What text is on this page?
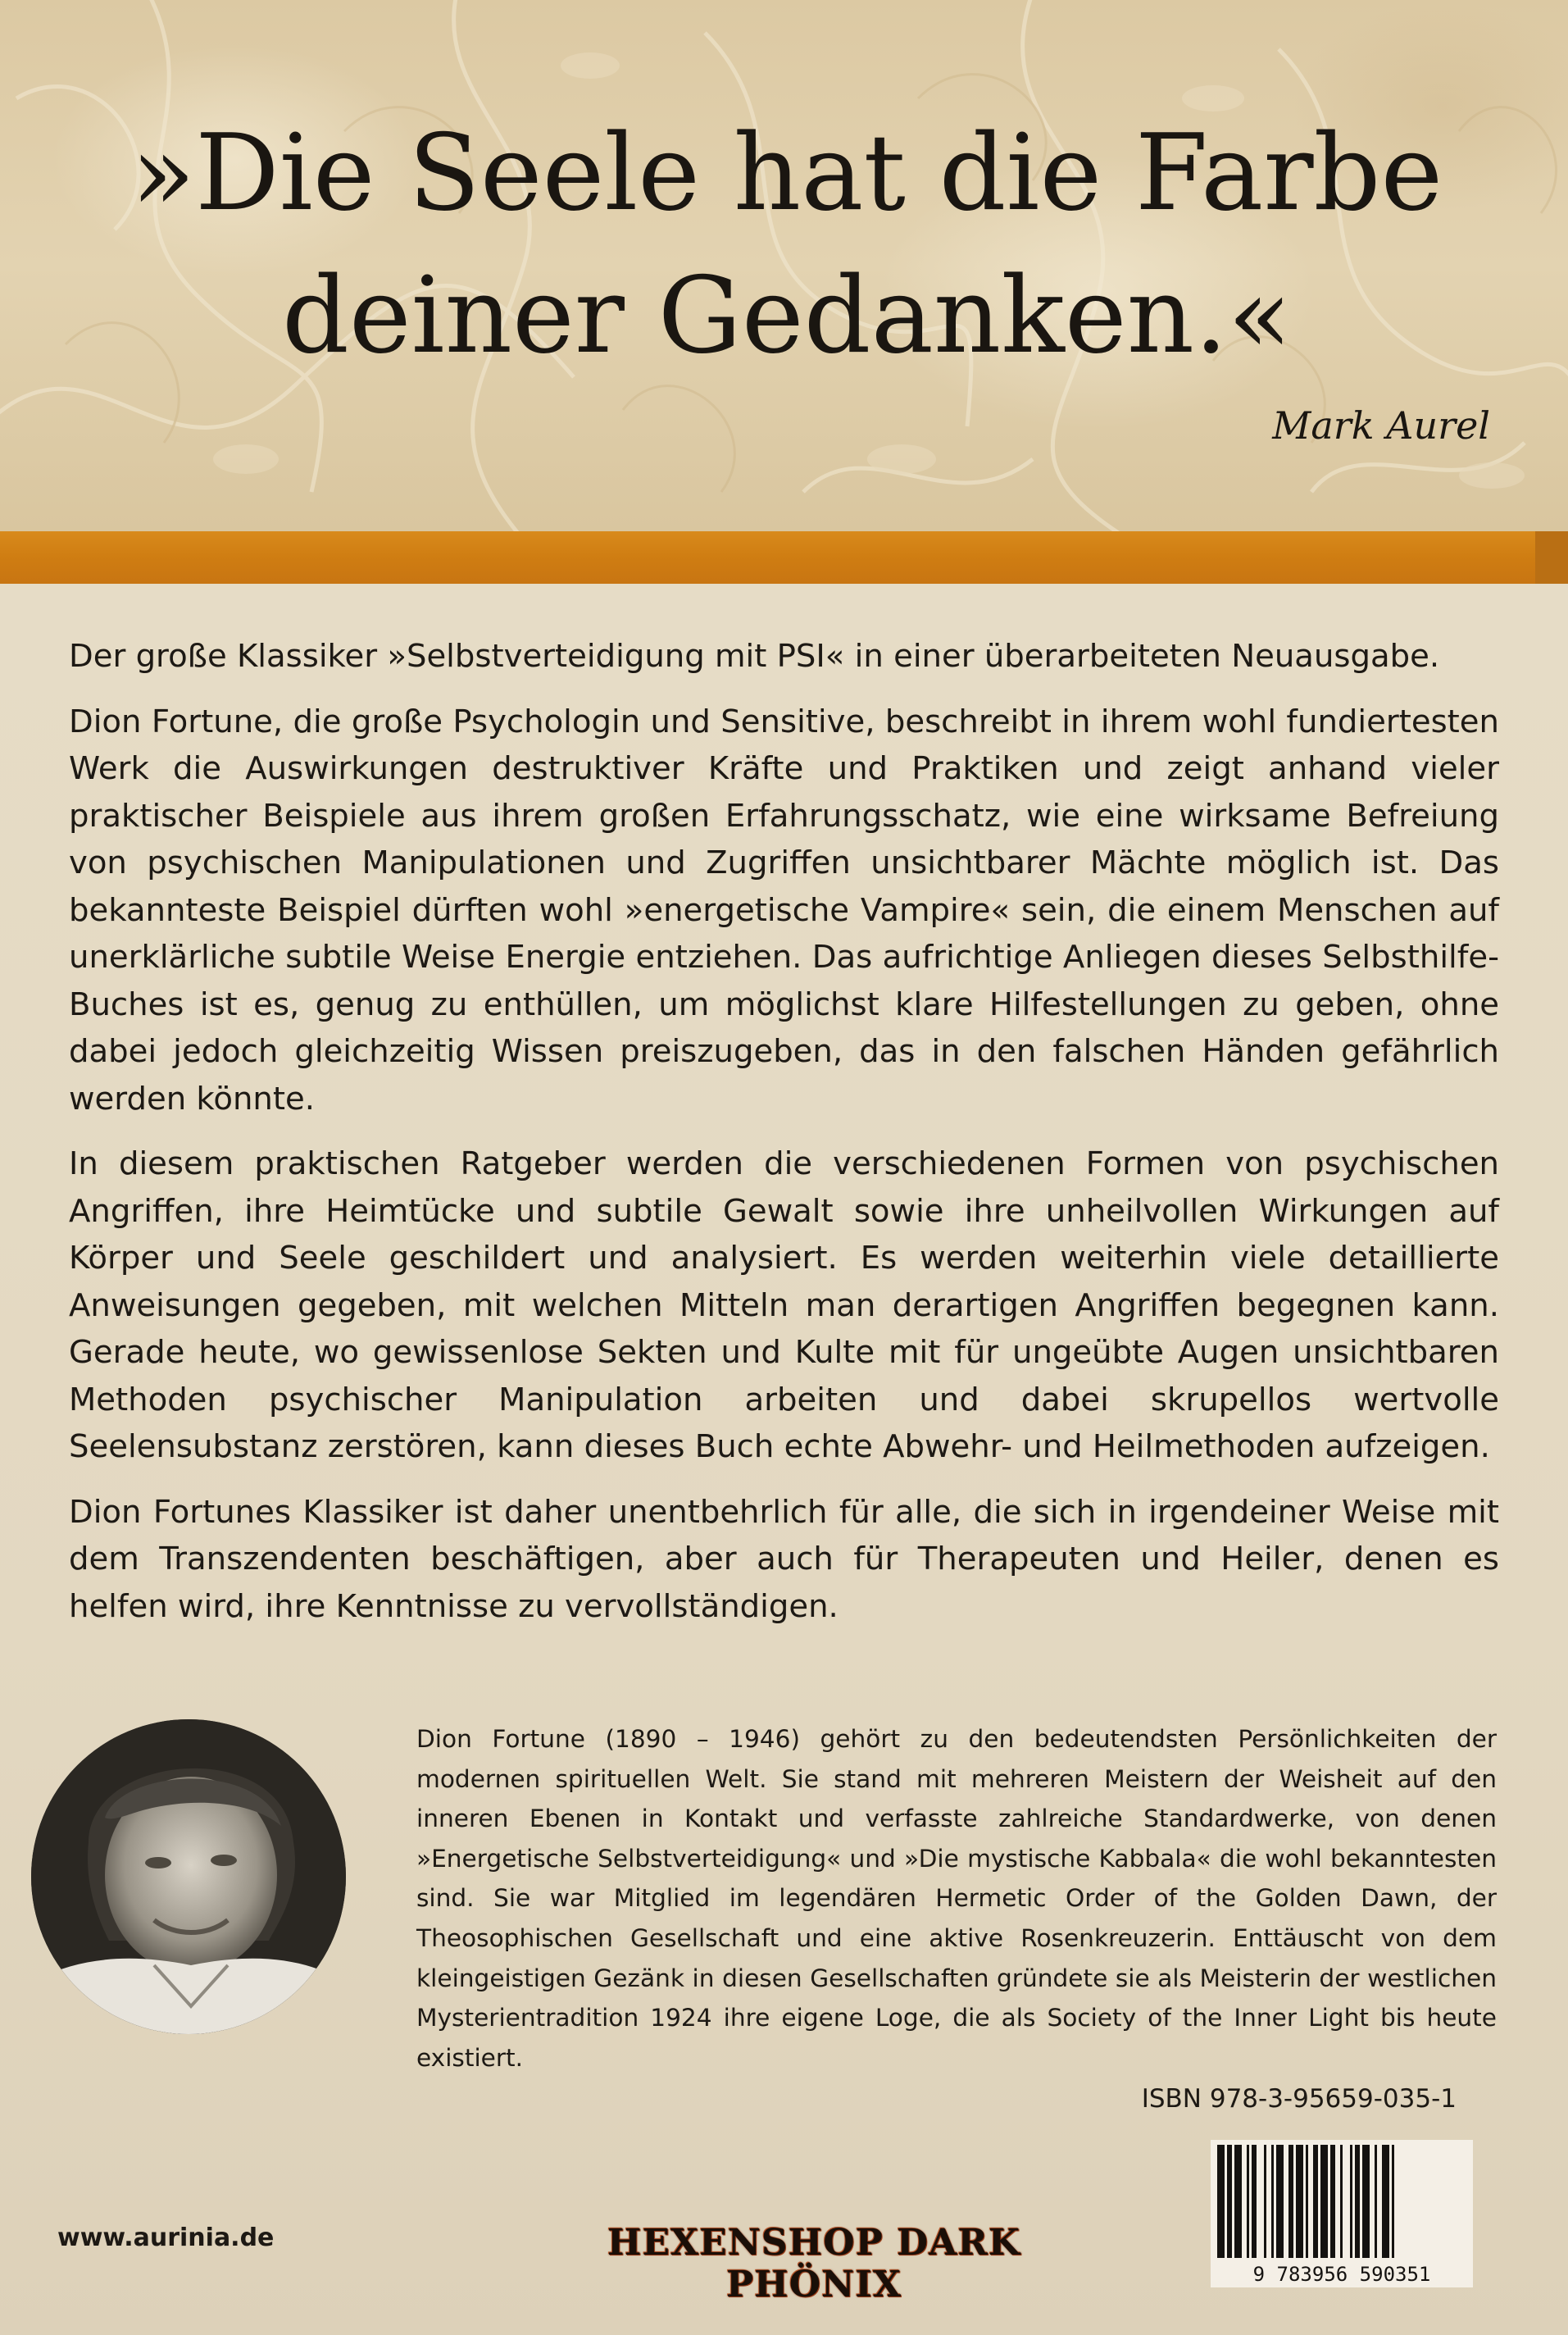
»Die Seele hat die Farbe
deiner Gedanken.«
Mark Aurel

Der große Klassiker »Selbstverteidigung mit PSI« in einer überarbeiteten Neuausgabe.

Dion Fortune, die große Psychologin und Sensitive, beschreibt in ihrem wohl fundiertesten Werk die Auswirkungen destruktiver Kräfte und Praktiken und zeigt anhand vieler praktischer Beispiele aus ihrem großen Erfahrungsschatz, wie eine wirksame Befreiung von psychischen Manipulationen und Zugriffen unsichtbarer Mächte möglich ist. Das bekannteste Beispiel dürften wohl »energetische Vampire« sein, die einem Menschen auf unerklärliche subtile Weise Energie entziehen. Das aufrichtige Anliegen dieses Selbsthilfe-Buches ist es, genug zu enthüllen, um möglichst klare Hilfestellungen zu geben, ohne dabei jedoch gleichzeitig Wissen preiszugeben, das in den falschen Händen gefährlich werden könnte.

In diesem praktischen Ratgeber werden die verschiedenen Formen von psychischen Angriffen, ihre Heimtücke und subtile Gewalt sowie ihre unheilvollen Wirkungen auf Körper und Seele geschildert und analysiert. Es werden weiterhin viele detaillierte Anweisungen gegeben, mit welchen Mitteln man derartigen Angriffen begegnen kann. Gerade heute, wo gewissenlose Sekten und Kulte mit für ungeübte Augen unsichtbaren Methoden psychischer Manipulation arbeiten und dabei skrupellos wertvolle Seelensubstanz zerstören, kann dieses Buch echte Abwehr- und Heilmethoden aufzeigen.

Dion Fortunes Klassiker ist daher unentbehrlich für alle, die sich in irgendeiner Weise mit dem Transzendenten beschäftigen, aber auch für Therapeuten und Heiler, denen es helfen wird, ihre Kenntnisse zu vervollständigen.

Dion Fortune (1890 – 1946) gehört zu den bedeutendsten Persönlichkeiten der modernen spirituellen Welt. Sie stand mit mehreren Meistern der Weisheit auf den inneren Ebenen in Kontakt und verfasste zahlreiche Standardwerke, von denen »Energetische Selbstverteidigung« und »Die mystische Kabbala« die wohl bekanntesten sind. Sie war Mitglied im legendären Hermetic Order of the Golden Dawn, der Theosophischen Gesellschaft und eine aktive Rosenkreuzerin. Enttäuscht von dem kleingeistigen Gezänk in diesen Gesellschaften gründete sie als Meisterin der westlichen Mysterientradition 1924 ihre eigene Loge, die als Society of the Inner Light bis heute existiert.

ISBN 978-3-95659-035-1
9 783956 590351
www.aurinia.de	HEXENSHOP DARK PHÖNIX
